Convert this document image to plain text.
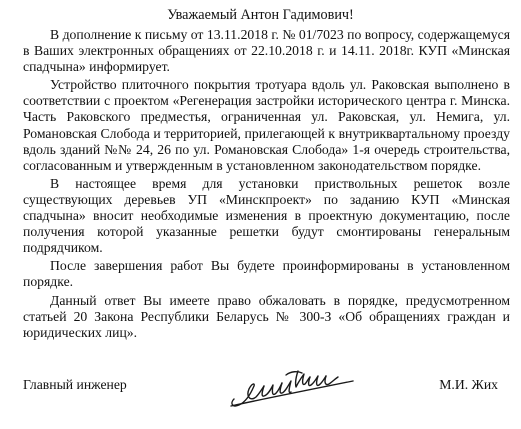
Уважаемый Антон Гадимович!

В дополнение к письму от 13.11.2018 г. № 01/7023 по вопросу, содержащемуся в Ваших электронных обращениях от 22.10.2018 г. и 14.11. 2018г. КУП «Минская спадчына» информирует.

Устройство плиточного покрытия тротуара вдоль ул. Раковская выполнено в соответствии с проектом «Регенерация застройки исторического центра г. Минска. Часть Раковского предместья, ограниченная ул. Раковская, ул. Немига, ул. Романовская Слобода и территорией, прилегающей к внутриквартальному проезду вдоль зданий №№ 24, 26 по ул. Романовская Слобода» 1-я очередь строительства, согласованным и утвержденным в установленном законодательством порядке.

В настоящее время для установки приствольных решеток возле существующих деревьев УП «Минскпроект» по заданию КУП «Минская спадчына» вносит необходимые изменения в проектную документацию, после получения которой указанные решетки будут смонтированы генеральным подрядчиком.

После завершения работ Вы будете проинформированы в установленном порядке.

Данный ответ Вы имеете право обжаловать в порядке, предусмотренном статьей 20 Закона Республики Беларусь № 300-З «Об обращениях граждан и юридических лиц».

Главный инженер	М.И. Жих
